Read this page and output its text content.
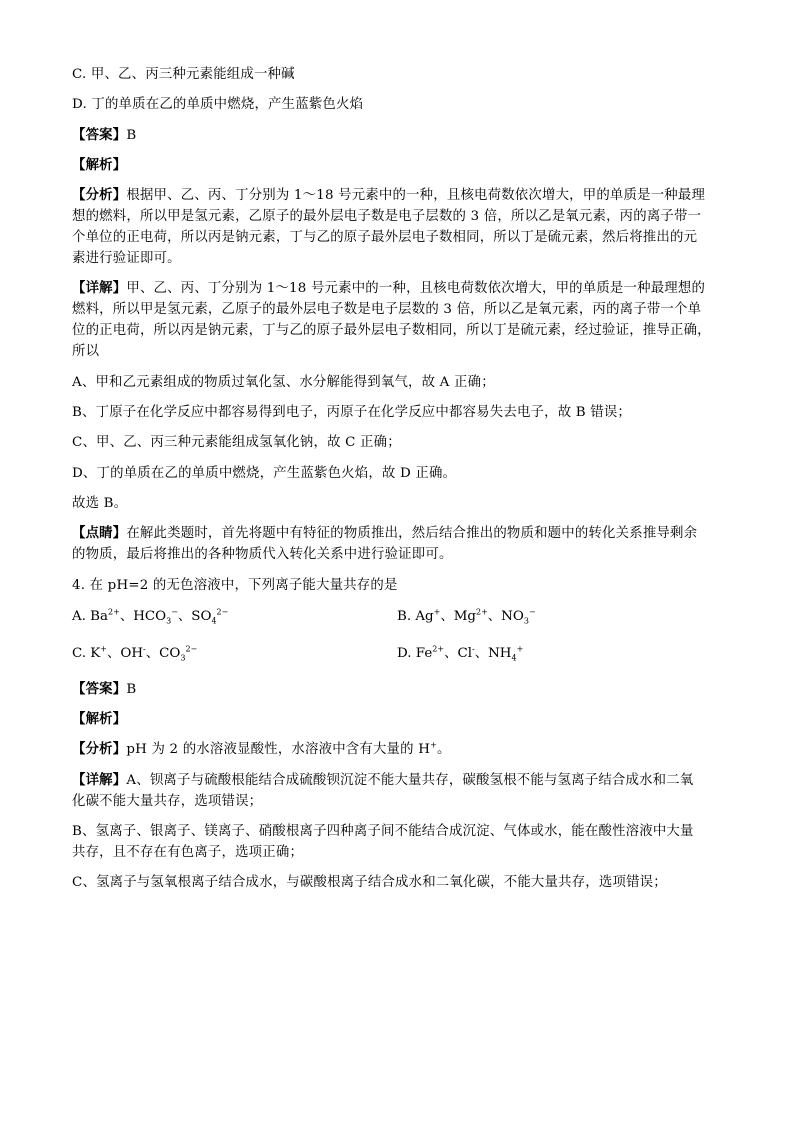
C. 甲、乙、丙三种元素能组成一种碱

D. 丁的单质在乙的单质中燃烧，产生蓝紫色火焰

【答案】B

【解析】

【分析】根据甲、乙、丙、丁分别为 1～18 号元素中的一种，且核电荷数依次增大，甲的单质是一种最理
想的燃料，所以甲是氢元素，乙原子的最外层电子数是电子层数的 3 倍，所以乙是氧元素，丙的离子带一
个单位的正电荷，所以丙是钠元素，丁与乙的原子最外层电子数相同，所以丁是硫元素，然后将推出的元
素进行验证即可。

【详解】甲、乙、丙、丁分别为 1～18 号元素中的一种，且核电荷数依次增大，甲的单质是一种最理想的
燃料，所以甲是氢元素，乙原子的最外层电子数是电子层数的 3 倍，所以乙是氧元素，丙的离子带一个单
位的正电荷，所以丙是钠元素，丁与乙的原子最外层电子数相同，所以丁是硫元素，经过验证，推导正确，
所以

A、甲和乙元素组成的物质过氧化氢、水分解能得到氧气，故 A 正确；

B、丁原子在化学反应中都容易得到电子，丙原子在化学反应中都容易失去电子，故 B 错误；

C、甲、乙、丙三种元素能组成氢氧化钠，故 C 正确；

D、丁的单质在乙的单质中燃烧，产生蓝紫色火焰，故 D 正确。

故选 B。

【点睛】在解此类题时，首先将题中有特征的物质推出，然后结合推出的物质和题中的转化关系推导剩余
的物质，最后将推出的各种物质代入转化关系中进行验证即可。

4. 在 pH=2 的无色溶液中，下列离子能大量共存的是

A. $Ba^{2+}$、$HCO_3^-$、$SO_4^{2-}$	B. Ag+、$Mg^{2+}$、$NO_3^-$
C. K+、OH-、$CO_3^{2-}$	D. $Fe^{2+}$、Cl-、$NH_4^+$

【答案】B

【解析】

【分析】pH 为 2 的水溶液显酸性，水溶液中含有大量的 H+。

【详解】A、钡离子与硫酸根能结合成硫酸钡沉淀不能大量共存，碳酸氢根不能与氢离子结合成水和二氧
化碳不能大量共存，选项错误；

B、氢离子、银离子、镁离子、硝酸根离子四种离子间不能结合成沉淀、气体或水，能在酸性溶液中大量
共存，且不存在有色离子，选项正确；

C、氢离子与氢氧根离子结合成水，与碳酸根离子结合成水和二氧化碳，不能大量共存，选项错误；
